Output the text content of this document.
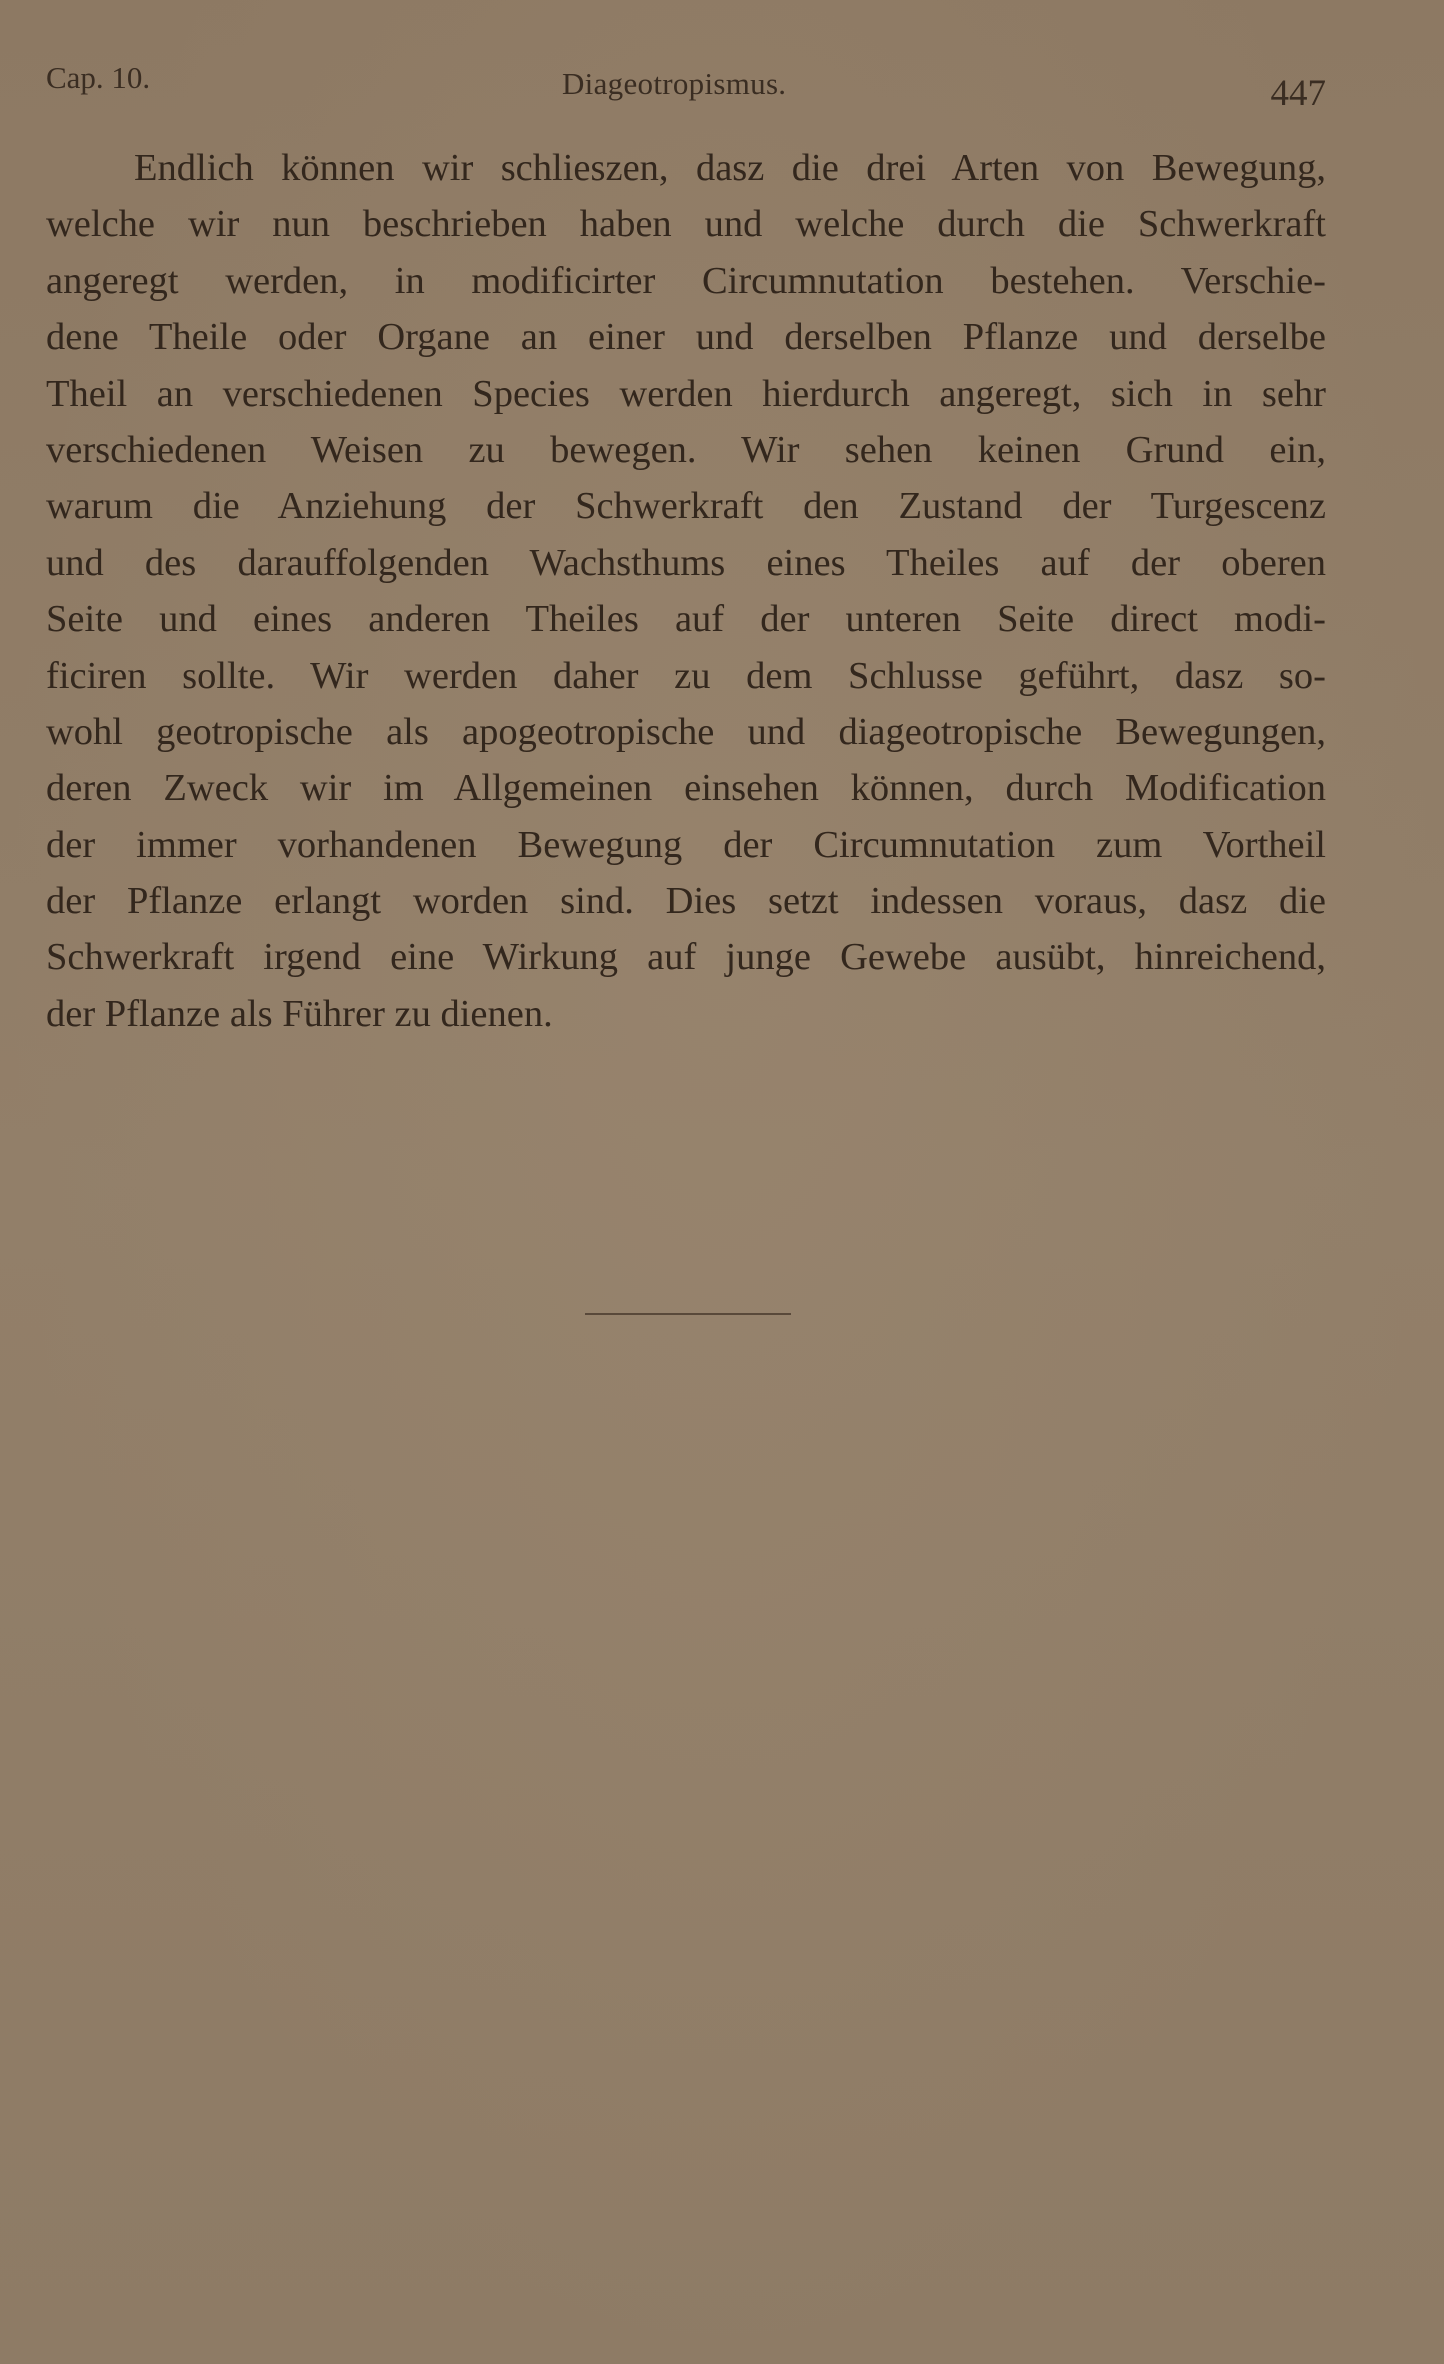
Cap. 10.	Diageotropismus.	447
Endlich können wir schlieszen, dasz die drei Arten von Bewegung,
welche wir nun beschrieben haben und welche durch die Schwerkraft
angeregt werden, in modificirter Circumnutation bestehen. Verschie-
dene Theile oder Organe an einer und derselben Pflanze und derselbe
Theil an verschiedenen Species werden hierdurch angeregt, sich in sehr
verschiedenen Weisen zu bewegen. Wir sehen keinen Grund ein,
warum die Anziehung der Schwerkraft den Zustand der Turgescenz
und des darauffolgenden Wachsthums eines Theiles auf der oberen
Seite und eines anderen Theiles auf der unteren Seite direct modi-
ficiren sollte. Wir werden daher zu dem Schlusse geführt, dasz so-
wohl geotropische als apogeotropische und diageotropische Bewegungen,
deren Zweck wir im Allgemeinen einsehen können, durch Modification
der immer vorhandenen Bewegung der Circumnutation zum Vortheil
der Pflanze erlangt worden sind. Dies setzt indessen voraus, dasz die
Schwerkraft irgend eine Wirkung auf junge Gewebe ausübt, hinreichend,
der Pflanze als Führer zu dienen.
